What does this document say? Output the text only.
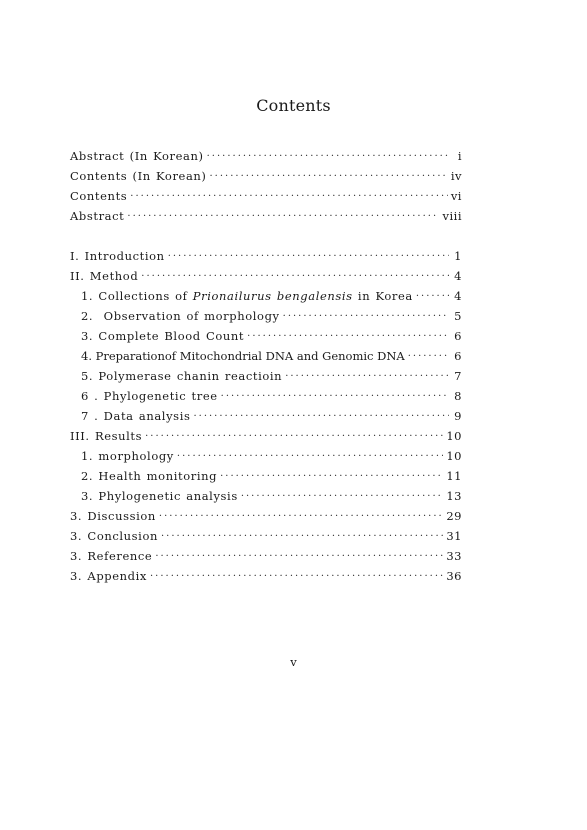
Contents
Abstract (In Korean) ·····	i
Contents (In Korean) ·····	iv
Contents ·····	vi
Abstract ·····	viii
I. Introduction ·····	1
II. Method ·····	4
1. Collections of Prionailurus bengalensis in Korea ·····	4
2.  Observation of morphology ·····	5
3. Complete Blood Count ·····	6
4. Preparationof Mitochondrial DNA and Genomic DNA ·····	6
5. Polymerase chanin reactioin ·····	7
6 . Phylogenetic tree ·····	8
7 . Data analysis ·····	9
III. Results ·····	10
1. morphology ·····	10
2. Health monitoring ·····	11
3. Phylogenetic analysis ·····	13
3. Discussion ·····	29
3. Conclusion ·····	31
3. Reference ·····	33
3. Appendix ·····	36
v
